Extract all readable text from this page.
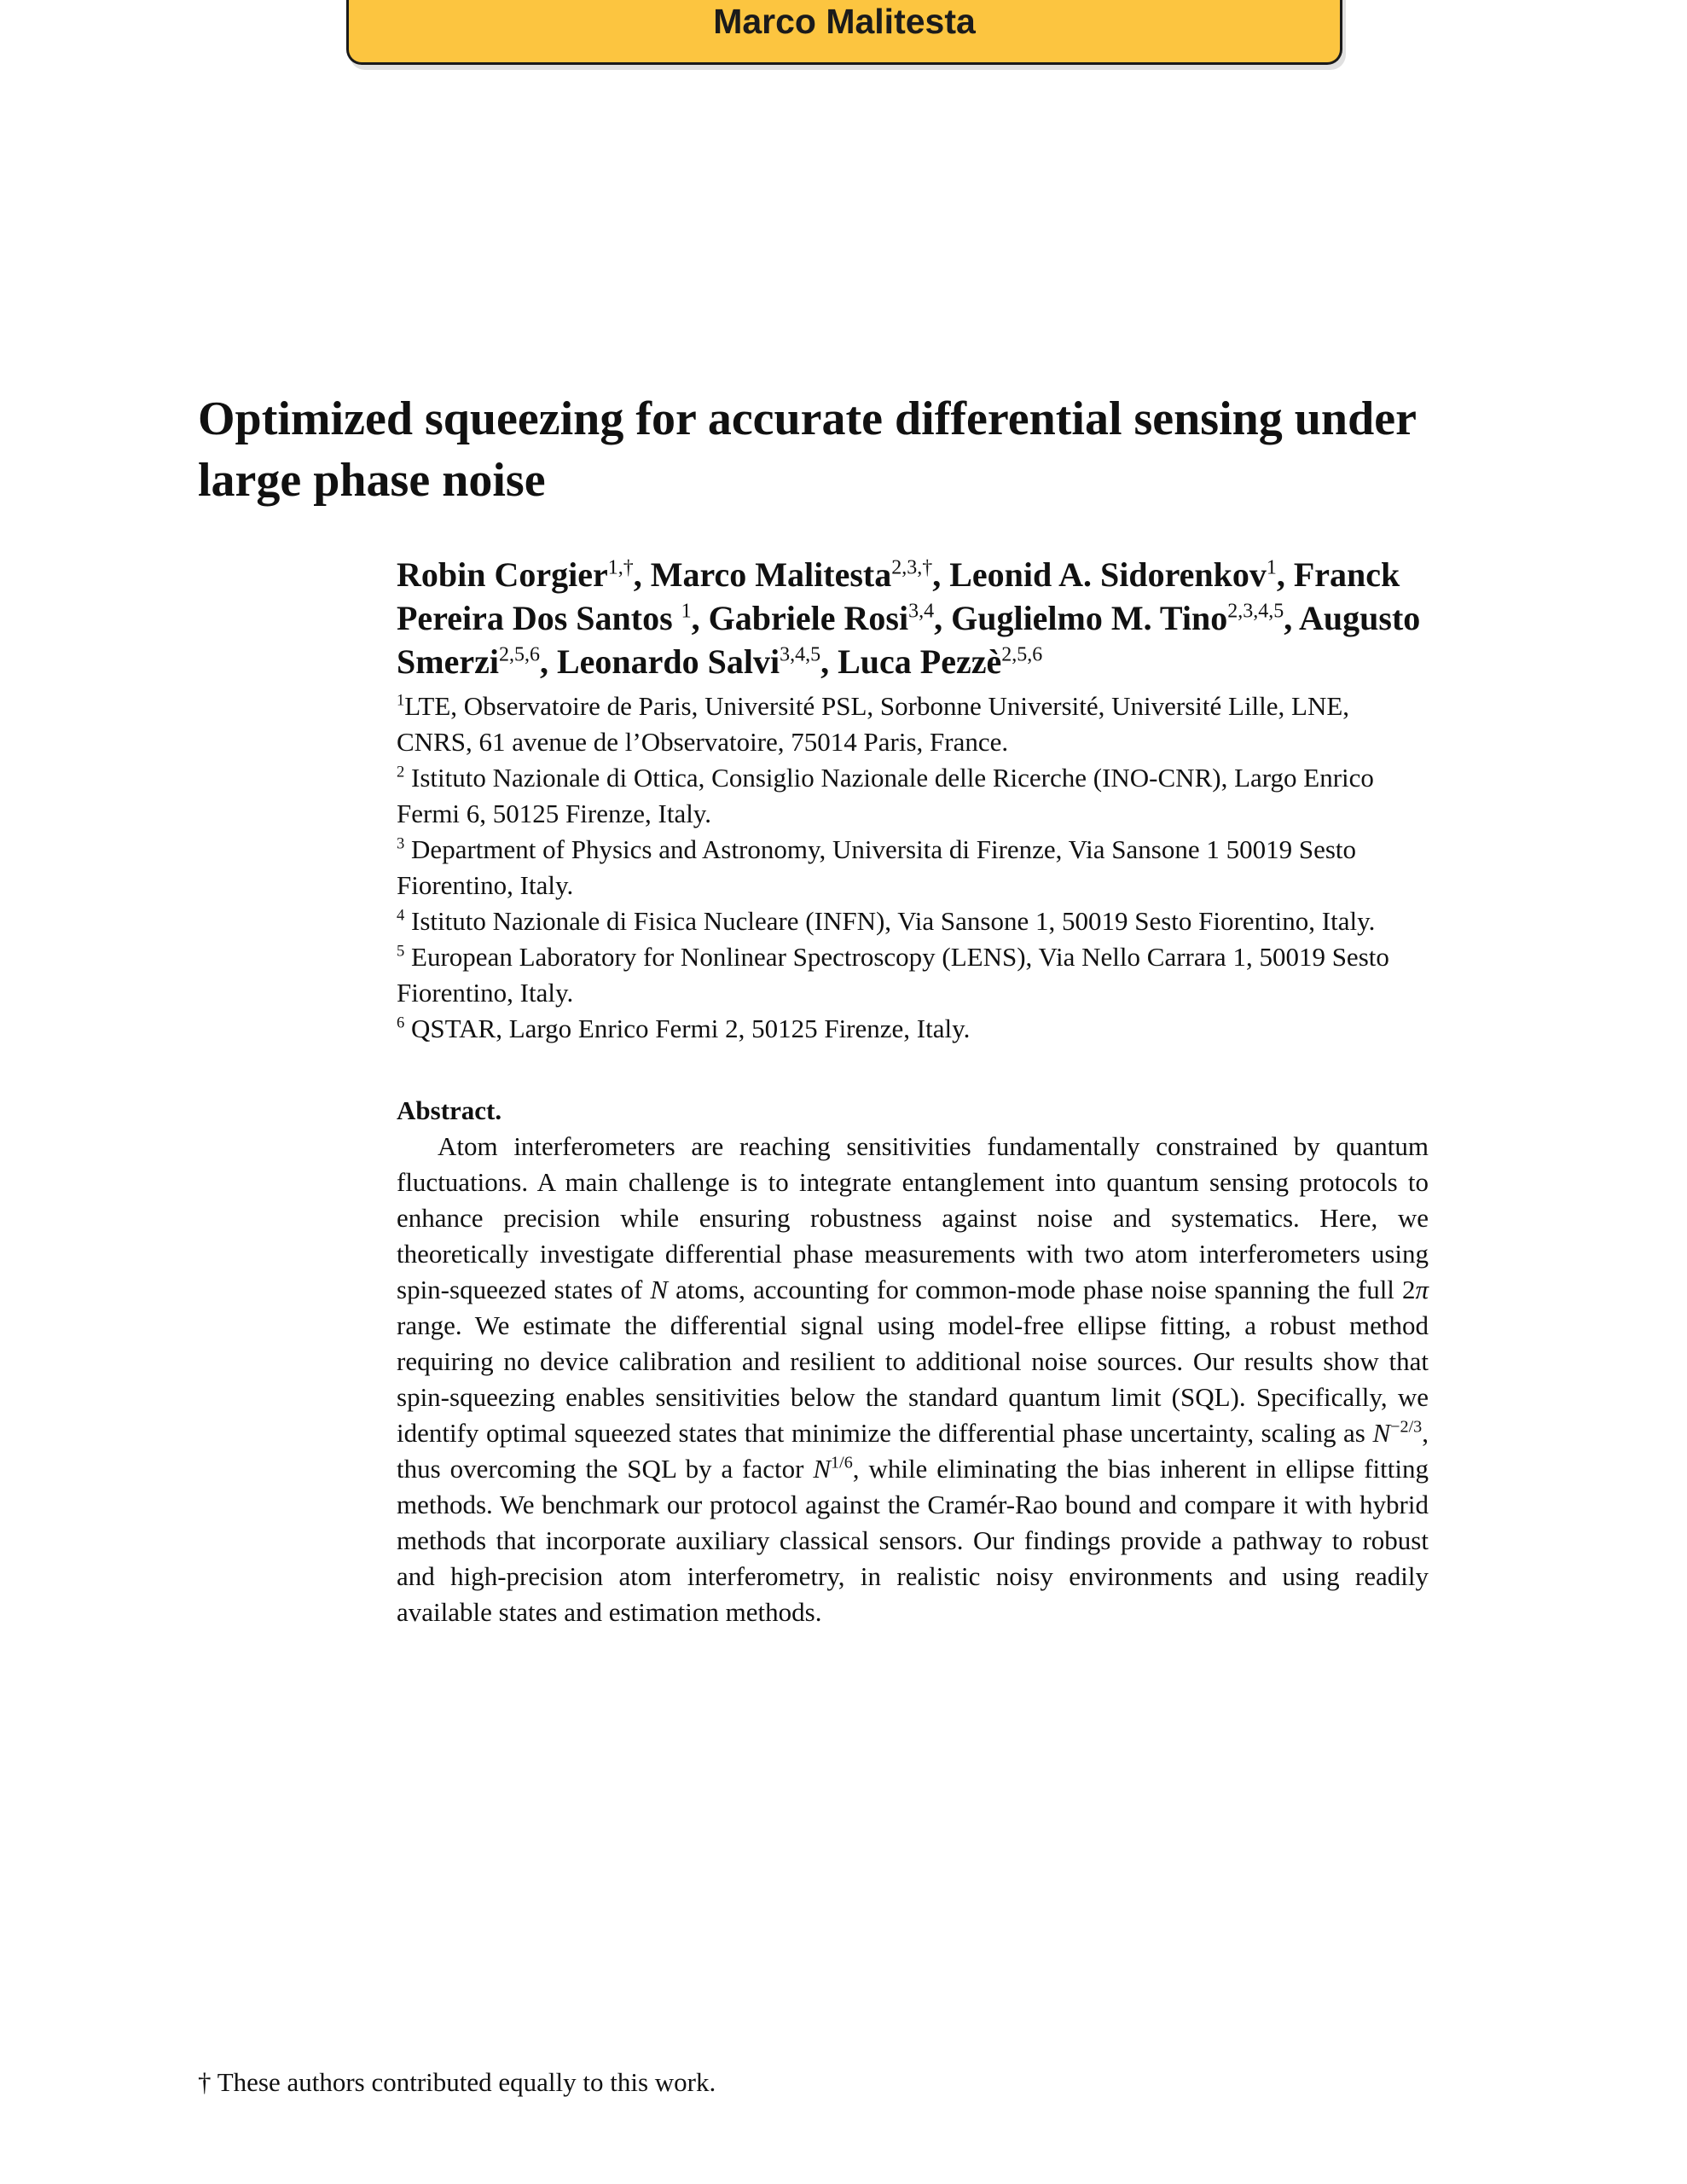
Marco Malitesta
Optimized squeezing for accurate differential sensing under
large phase noise

Robin Corgier$^{1,\dagger}$, Marco Malitesta$^{2,3,\dagger}$, Leonid A. Sidorenkov$^1$, Franck Pereira Dos Santos $^1$, Gabriele Rosi$^{3,4}$, Guglielmo M. Tino$^{2,3,4,5}$, Augusto Smerzi$^{2,5,6}$, Leonardo Salvi$^{3,4,5}$, Luca Pezzè$^{2,5,6}$

$^1$LTE, Observatoire de Paris, Université PSL, Sorbonne Université, Université Lille, LNE, CNRS, 61 avenue de l’Observatoire, 75014 Paris, France.

$^2$ Istituto Nazionale di Ottica, Consiglio Nazionale delle Ricerche (INO-CNR), Largo Enrico Fermi 6, 50125 Firenze, Italy.

$^3$ Department of Physics and Astronomy, Universita di Firenze, Via Sansone 1 50019 Sesto Fiorentino, Italy.

$^4$ Istituto Nazionale di Fisica Nucleare (INFN), Via Sansone 1, 50019 Sesto Fiorentino, Italy.

$^5$ European Laboratory for Nonlinear Spectroscopy (LENS), Via Nello Carrara 1, 50019 Sesto Fiorentino, Italy.

$^6$ QSTAR, Largo Enrico Fermi 2, 50125 Firenze, Italy.

Abstract.

Atom interferometers are reaching sensitivities fundamentally constrained by quantum fluctuations. A main challenge is to integrate entanglement into quantum sensing protocols to enhance precision while ensuring robustness against noise and systematics. Here, we theoretically investigate differential phase measurements with two atom interferometers using spin-squeezed states of N atoms, accounting for common-mode phase noise spanning the full 2π range. We estimate the differential signal using model-free ellipse fitting, a robust method requiring no device calibration and resilient to additional noise sources. Our results show that spin-squeezing enables sensitivities below the standard quantum limit (SQL). Specifically, we identify optimal squeezed states that minimize the differential phase uncertainty, scaling as $N^{-2/3}$, thus overcoming the SQL by a factor $N^{1/6}$, while eliminating the bias inherent in ellipse fitting methods. We benchmark our protocol against the Cramér-Rao bound and compare it with hybrid methods that incorporate auxiliary classical sensors. Our findings provide a pathway to robust and high-precision atom interferometry, in realistic noisy environments and using readily available states and estimation methods.

† These authors contributed equally to this work.
